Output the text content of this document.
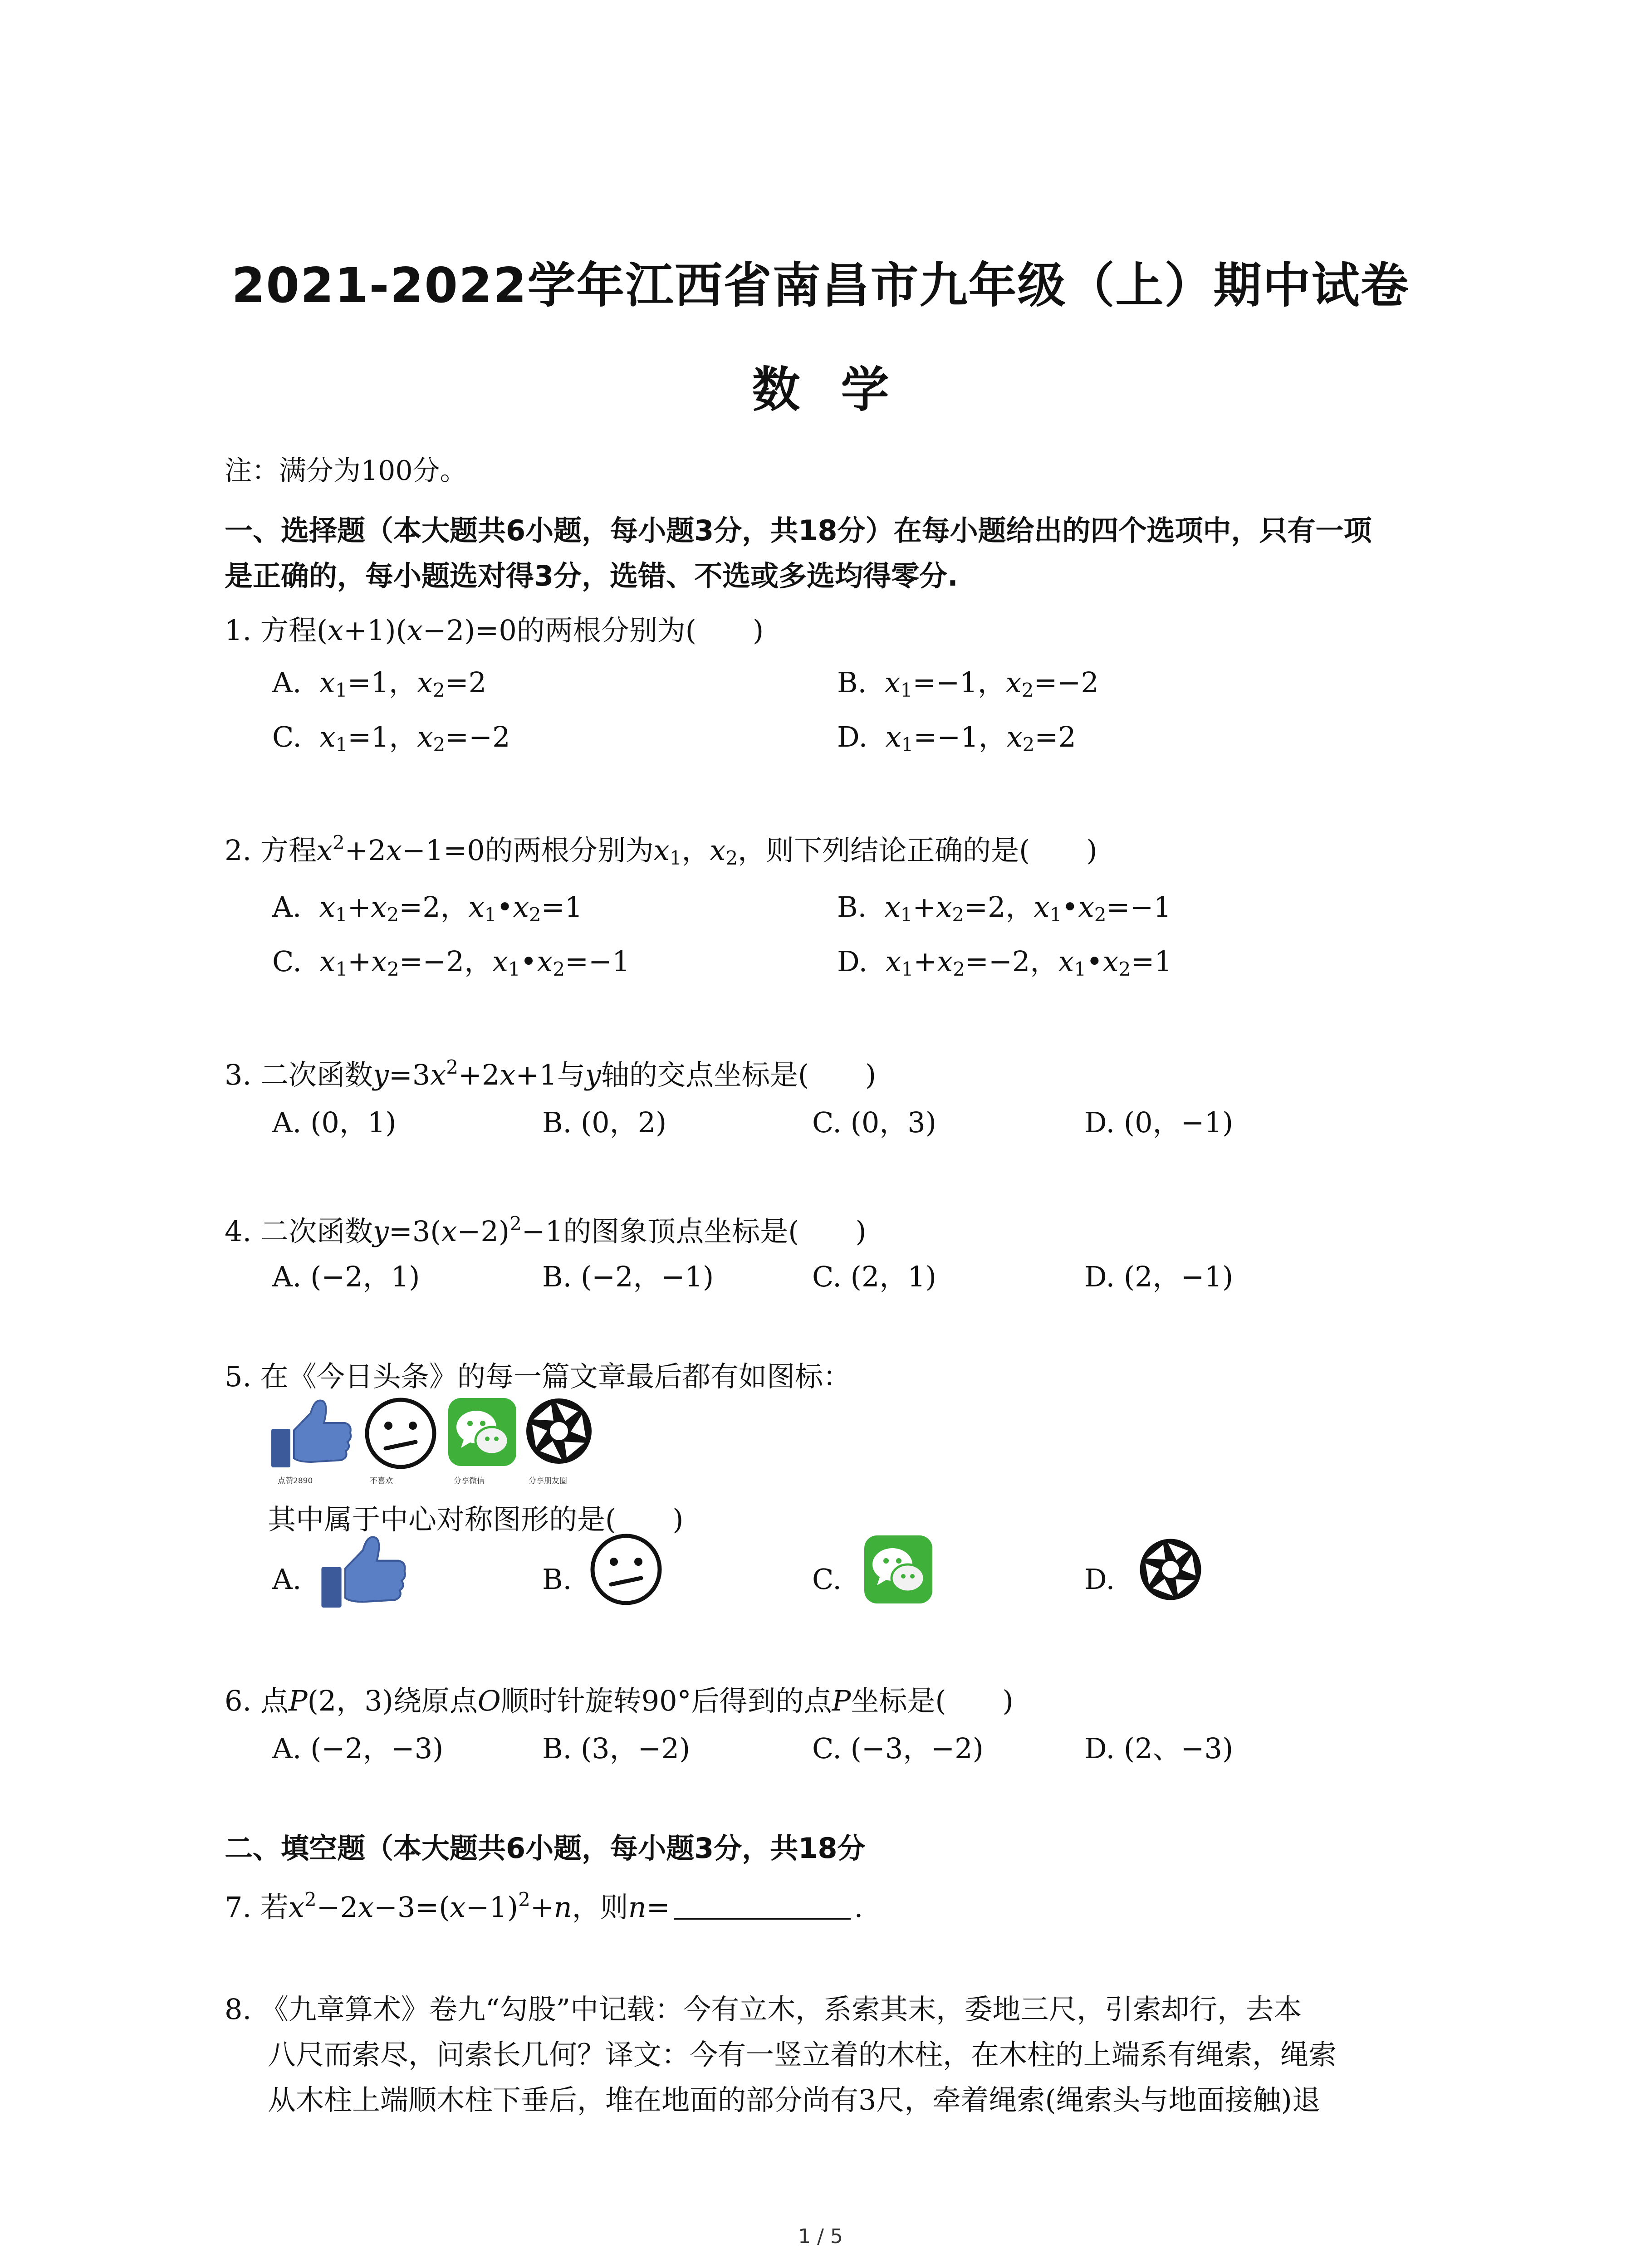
2021-2022学年江西省南昌市九年级（上）期中试卷
数学
注：满分为100分。
一、选择题（本大题共6小题，每小题3分，共18分）在每小题给出的四个选项中，只有一项
是正确的，每小题选对得3分，选错、不选或多选均得零分.
1. 方程(x+1)(x−2)=0的两根分别为(　　)
A. $x_1=1$，$x_2=2$	B. $x_1=-1$，$x_2=-2$
C. $x_1=1$，$x_2=-2$	D. $x_1=-1$，$x_2=2$
2. 方程$x^2+2x-1=0$的两根分别为$x_1$，$x_2$，则下列结论正确的是(　　)
A. $x_1+x_2=2$，$x_1•x_2=1$	B. $x_1+x_2=2$，$x_1•x_2=-1$
C. $x_1+x_2=-2$，$x_1•x_2=-1$	D. $x_1+x_2=-2$，$x_1•x_2=1$
3. 二次函数$y=3x^2+2x+1$与y轴的交点坐标是(　　)
A. (0，1)	B. (0，2)	C. (0，3)	D. (0，−1)
4. 二次函数$y=3(x-2)^2-1$的图象顶点坐标是(　　)
A. (−2，1)	B. (−2，−1)	C. (2，1)	D. (2，−1)
5. 在《今日头条》的每一篇文章最后都有如图标：
点赞2890	不喜欢	分享微信	分享朋友圈
其中属于中心对称图形的是(　　)
A.	B.	C.	D.
6. 点P(2，3)绕原点O顺时针旋转90°后得到的点P坐标是(　　)
A. (−2，−3)	B. (3，−2)	C. (−3，−2)	D. (2、−3)
二、填空题（本大题共6小题，每小题3分，共18分
7. 若$x^2-2x-3=(x-1)^2+n$，则n=	.
8. 《九章算术》卷九“勾股”中记载：今有立木，系索其末，委地三尺，引索却行，去本
八尺而索尽，问索长几何？译文：今有一竖立着的木柱，在木柱的上端系有绳索，绳索
从木柱上端顺木柱下垂后，堆在地面的部分尚有3尺，牵着绳索(绳索头与地面接触)退
1 / 5
